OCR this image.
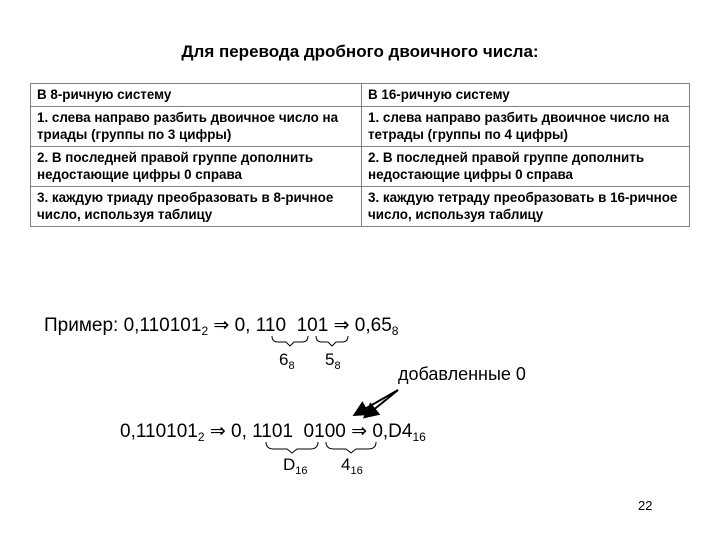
Для перевода дробного двоичного числа:
В 8-ричную систему	В 16-ричную систему
1. слева направо разбить двоичное число на триады (группы по 3 цифры)	1. слева направо разбить двоичное число на тетрады (группы по 4 цифры)
2. В последней правой группе дополнить недостающие цифры 0 справа	2. В последней правой группе дополнить недостающие цифры 0 справа
3. каждую триаду преобразовать в 8-ричное число, используя таблицу	3. каждую тетраду преобразовать в 16-ричное число, используя таблицу
Пример: $0,110101_2$ ⇒ 0, 110  101 ⇒ $0,65_8$
$6_8$ $5_8$	добавленные 0
$0,110101_2$ ⇒ 0, 1101  0100 ⇒ $0,D4_{16}$
$D_{16}$ $4_{16}$
22
